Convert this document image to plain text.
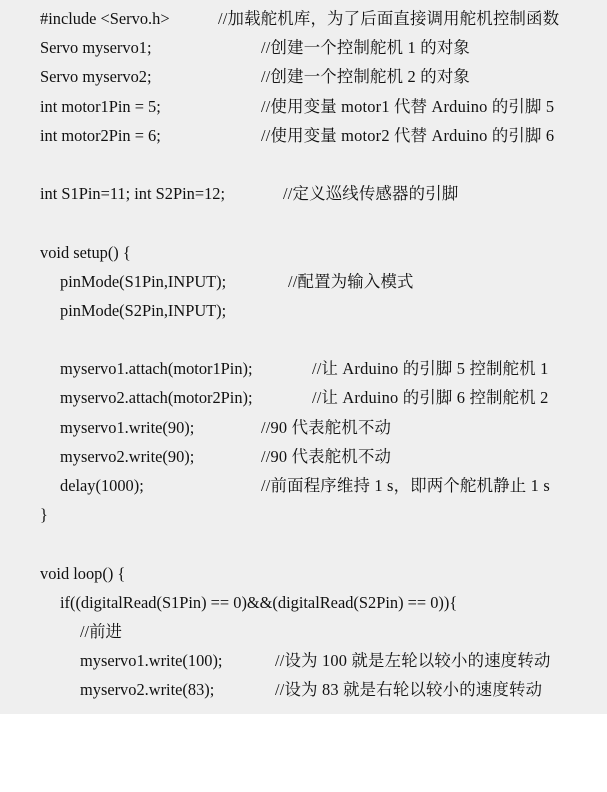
#include <Servo.h>

	//加载舵机库，为了后面直接调用舵机控制函数

Servo myservo1;

	//创建一个控制舵机 1 的对象

Servo myservo2;

	//创建一个控制舵机 2 的对象

int motor1Pin = 5;

	//使用变量 motor1 代替 Arduino 的引脚 5

int motor2Pin = 6;

	//使用变量 motor2 代替 Arduino 的引脚 6

int S1Pin=11; int S2Pin=12;

	//定义巡线传感器的引脚

void setup() {

pinMode(S1Pin,INPUT);

	//配置为输入模式

pinMode(S2Pin,INPUT);

myservo1.attach(motor1Pin);

	//让 Arduino 的引脚 5 控制舵机 1

myservo2.attach(motor2Pin);

	//让 Arduino 的引脚 6 控制舵机 2

myservo1.write(90);

	//90 代表舵机不动

myservo2.write(90);

	//90 代表舵机不动

delay(1000);

	//前面程序维持 1 s，即两个舵机静止 1 s

}

void loop() {

if((digitalRead(S1Pin) == 0)&&(digitalRead(S2Pin) == 0)){

//前进

myservo1.write(100);

	//设为 100 就是左轮以较小的速度转动

myservo2.write(83);

	//设为 83 就是右轮以较小的速度转动
